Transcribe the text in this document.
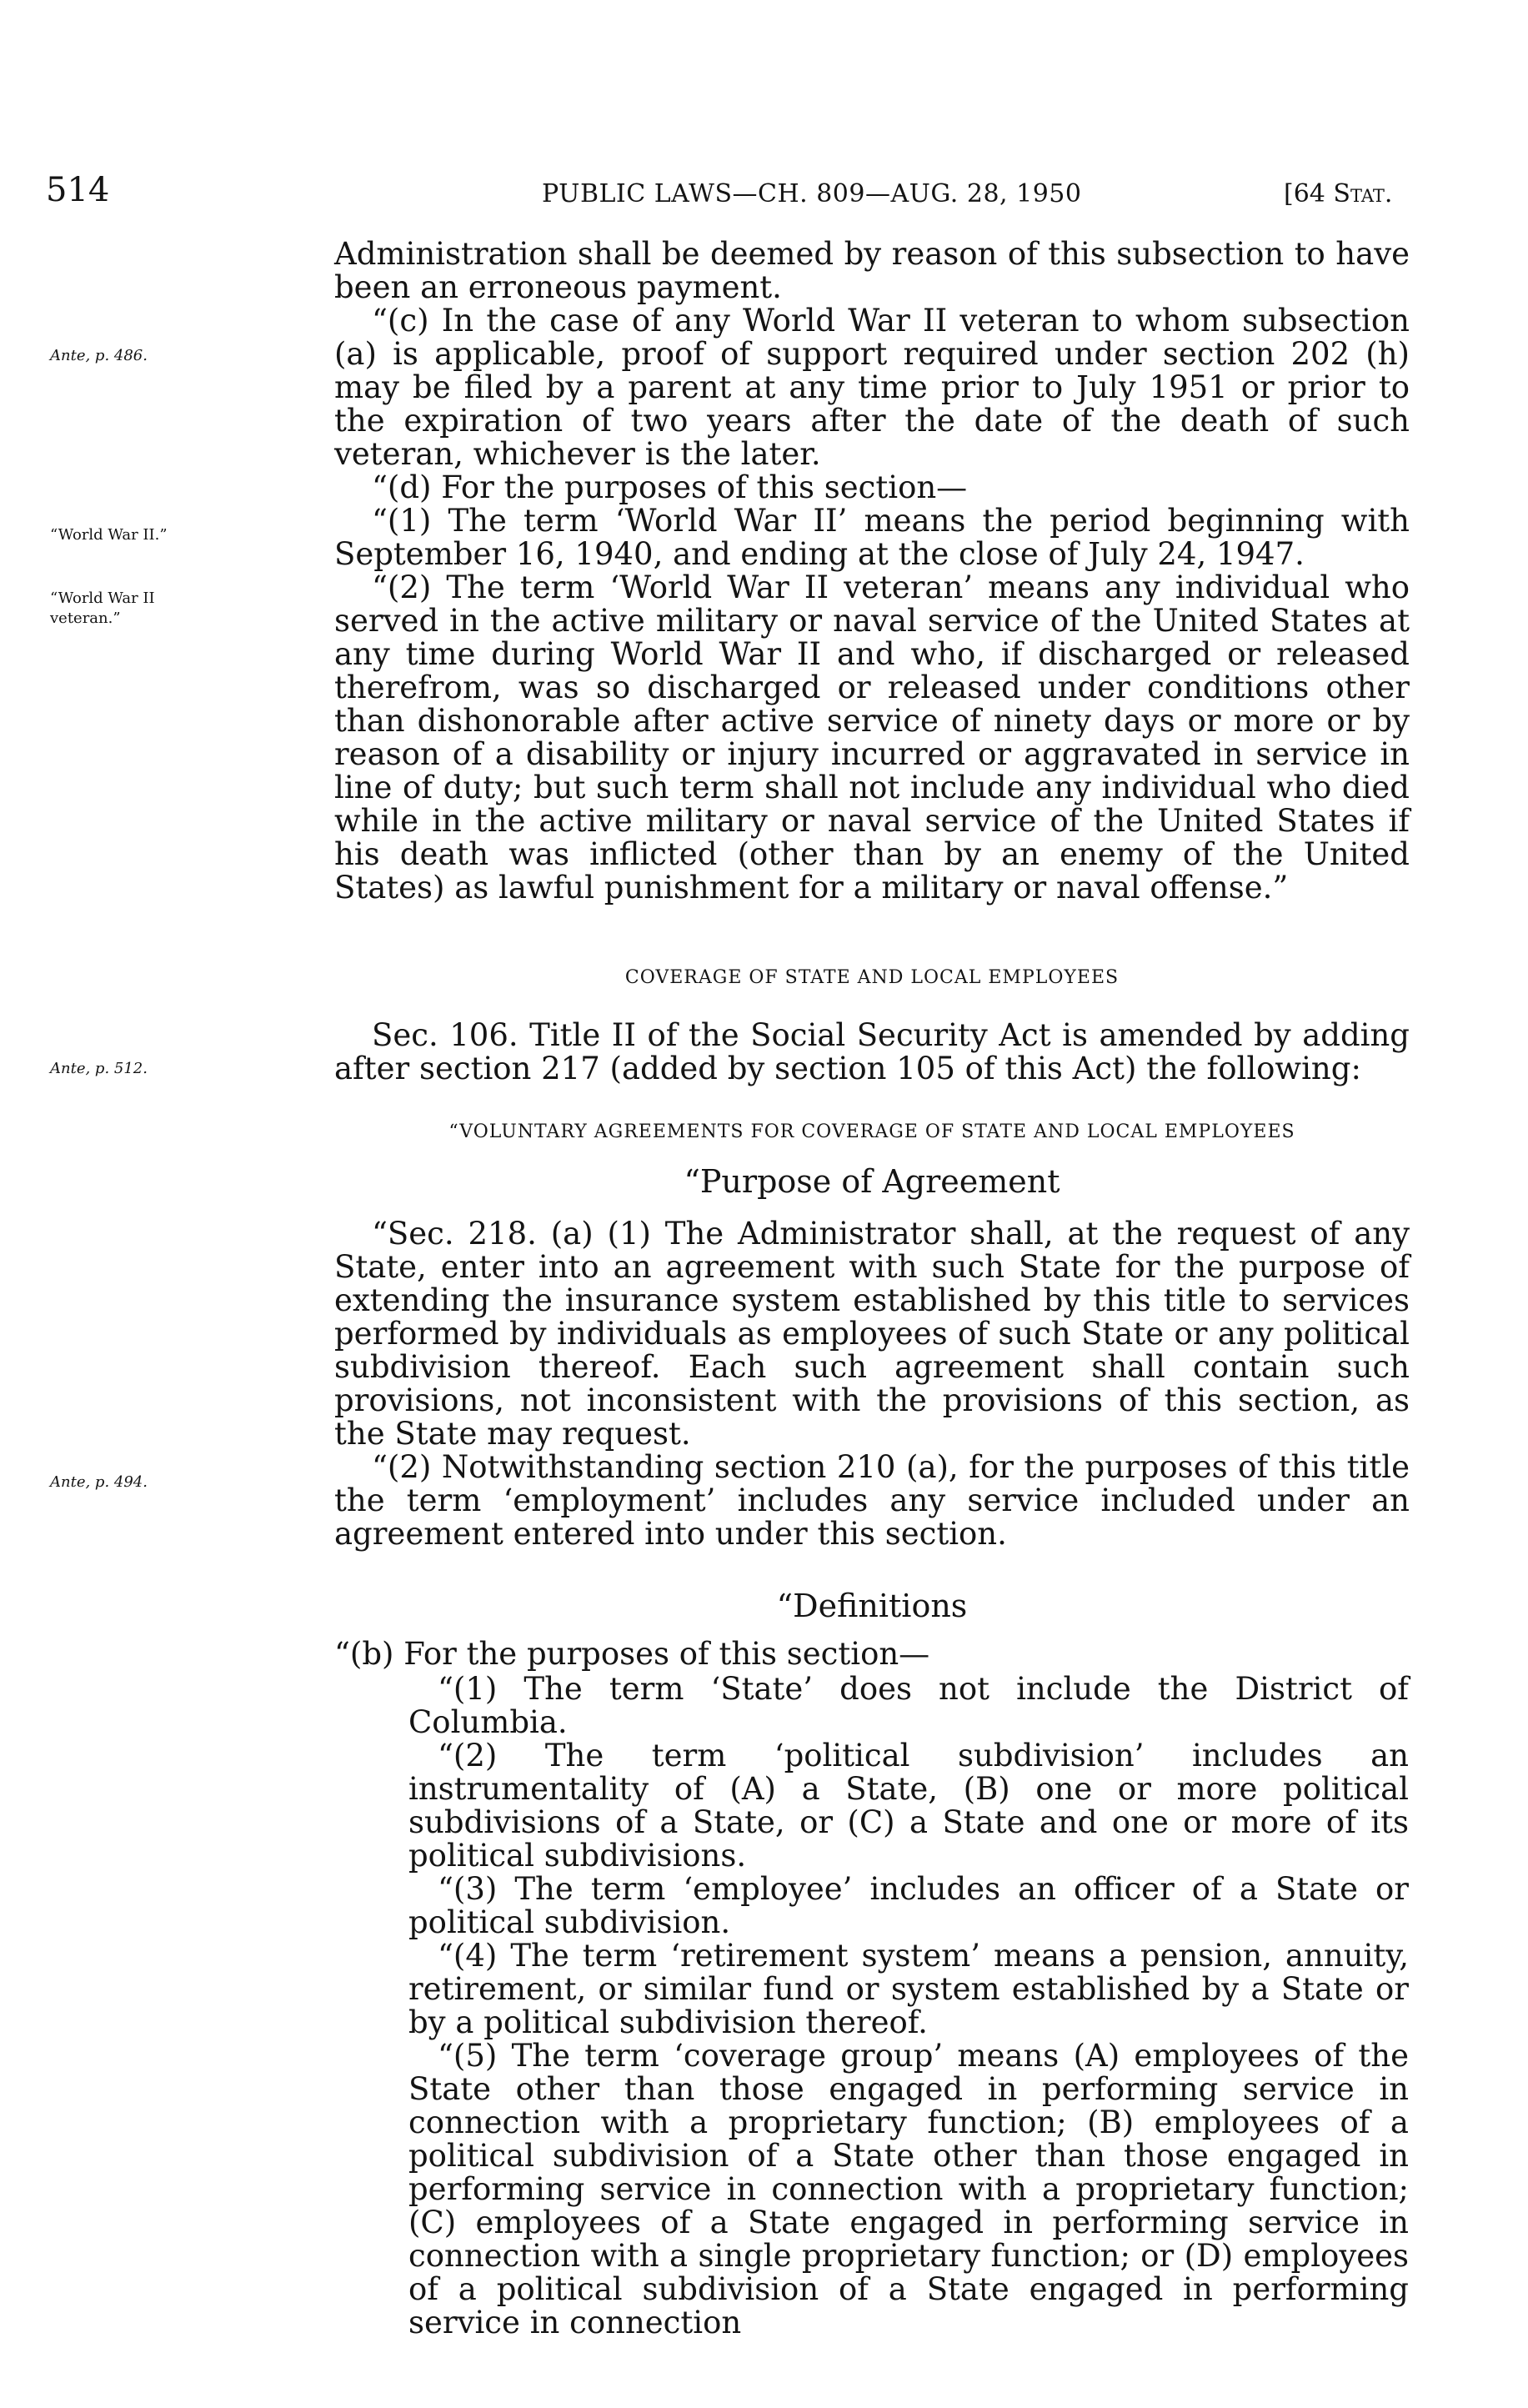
514	PUBLIC LAWS—CH. 809—AUG. 28, 1950	[64 Stat.
Ante, p. 486.
“World War II.”
“World War II veteran.”
Ante, p. 512.
Ante, p. 494.

Administration shall be deemed by reason of this subsection to have been an erroneous payment.

“(c) In the case of any World War II veteran to whom subsection (a) is applicable, proof of support required under section 202 (h) may be filed by a parent at any time prior to July 1951 or prior to the expiration of two years after the date of the death of such veteran, whichever is the later.

“(d) For the purposes of this section—

“(1) The term ‘World War II’ means the period beginning with September 16, 1940, and ending at the close of July 24, 1947.

“(2) The term ‘World War II veteran’ means any individual who served in the active military or naval service of the United States at any time during World War II and who, if discharged or released therefrom, was so discharged or released under conditions other than dishonorable after active service of ninety days or more or by reason of a disability or injury incurred or aggravated in service in line of duty; but such term shall not include any individual who died while in the active military or naval service of the United States if his death was inflicted (other than by an enemy of the United States) as lawful punishment for a military or naval offense.”

COVERAGE OF STATE AND LOCAL EMPLOYEES

Sec. 106. Title II of the Social Security Act is amended by adding after section 217 (added by section 105 of this Act) the following:

“VOLUNTARY AGREEMENTS FOR COVERAGE OF STATE AND LOCAL EMPLOYEES
“Purpose of Agreement

“Sec. 218. (a) (1) The Administrator shall, at the request of any State, enter into an agreement with such State for the purpose of extending the insurance system established by this title to services performed by individuals as employees of such State or any political subdivision thereof. Each such agreement shall contain such provisions, not inconsistent with the provisions of this section, as the State may request.

“(2) Notwithstanding section 210 (a), for the purposes of this title the term ‘employment’ includes any service included under an agreement entered into under this section.

“Definitions
“(b) For the purposes of this section—

“(1) The term ‘State’ does not include the District of Columbia.

“(2) The term ‘political subdivision’ includes an instrumentality of (A) a State, (B) one or more political subdivisions of a State, or (C) a State and one or more of its political subdivisions.

“(3) The term ‘employee’ includes an officer of a State or political subdivision.

“(4) The term ‘retirement system’ means a pension, annuity, retirement, or similar fund or system established by a State or by a political subdivision thereof.

“(5) The term ‘coverage group’ means (A) employees of the State other than those engaged in performing service in connection with a proprietary function; (B) employees of a political subdivision of a State other than those engaged in performing service in connection with a proprietary function; (C) employees of a State engaged in performing service in connection with a single proprietary function; or (D) employees of a political subdivision of a State engaged in performing service in connection
